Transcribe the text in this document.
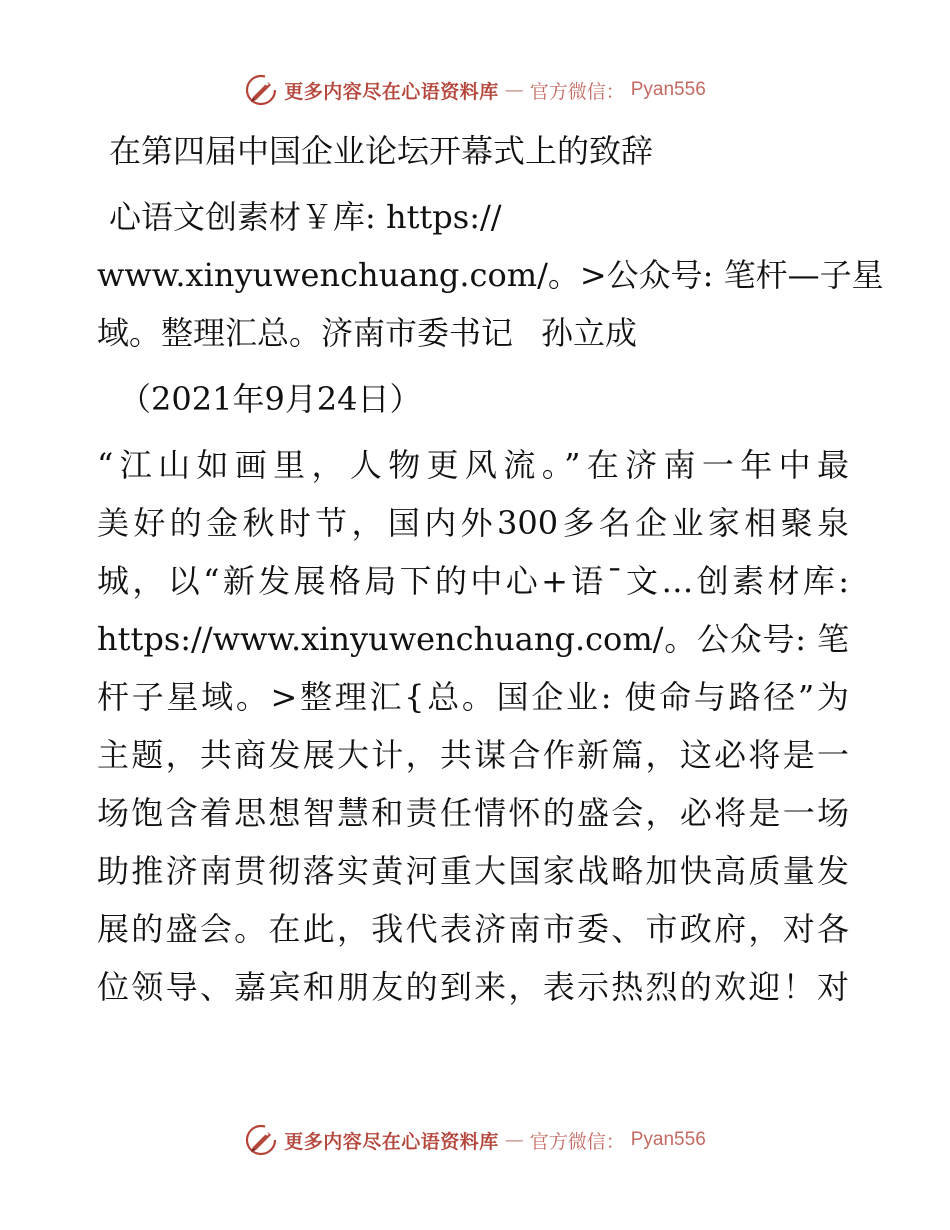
更多内容尽在心语资料库 — 官方微信： Pyan556

在第四届中国企业论坛开幕式上的致辞

心语文创素材￥库: https://

www.xinyuwenchuang.com/。>公众号: 笔杆—子星

域。整理汇总。济南市委书记 孙立成

（2021年9月24日）

“江山如画里，人物更风流。”在济南一年中最

美好的金秋时节，国内外300多名企业家相聚泉

城，以“新发展格局下的中心+语¯文…创素材库:

https://www.xinyuwenchuang.com/。公众号: 笔

杆子星域。>整理汇{总。国企业: 使命与路径”为

主题，共商发展大计，共谋合作新篇，这必将是一

场饱含着思想智慧和责任情怀的盛会，必将是一场

助推济南贯彻落实黄河重大国家战略加快高质量发

展的盛会。在此，我代表济南市委、市政府，对各

位领导、嘉宾和朋友的到来，表示热烈的欢迎！对

更多内容尽在心语资料库 — 官方微信： Pyan556
